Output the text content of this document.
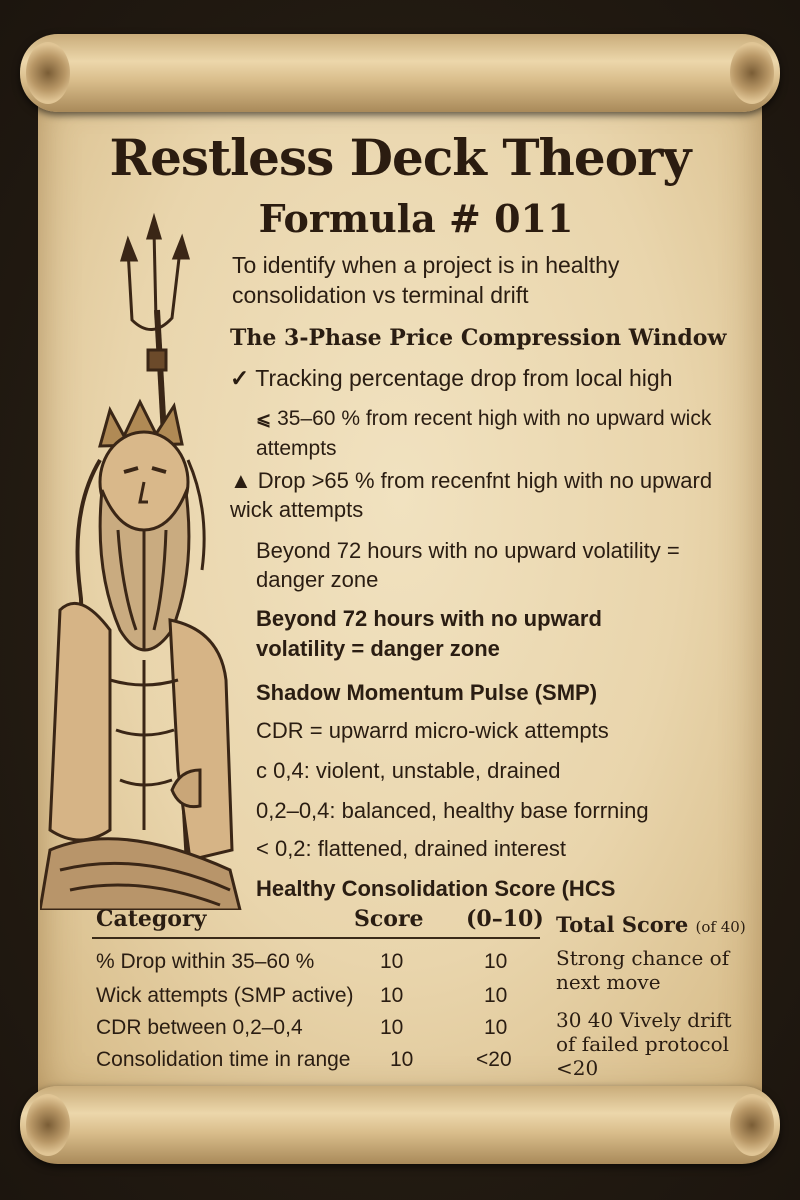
Restless Deck Theory
Formula # 011
To identify when a project is in healthy consolidation vs terminal drift
The 3-Phase Price Compression Window
✓ Tracking percentage drop from local high
⩽ 35–60 % from recent high with no upward wick attempts
▲ Drop >65 % from recenfnt high with no upward wick attempts
Beyond 72 hours with no upward volatility = danger zone
Beyond 72 hours with no upward volatility = danger zone
Shadow Momentum Pulse (SMP)
CDR = upwarrd micro-wick attempts
c 0,4: violent, unstable, drained
0,2–0,4: balanced, healthy base forrning
< 0,2: flattened, drained interest
Healthy Consolidation Score (HCS
Category	Score (0–10)
% Drop within 35–60 %	10	10
Wick attempts (SMP active) 10	10
CDR between 0,2–0,4	10	10
Consolidation time in range 10	<20
Total Score (of 40)
Strong chance of next move
30 40 Vively drift of failed protocol <20
